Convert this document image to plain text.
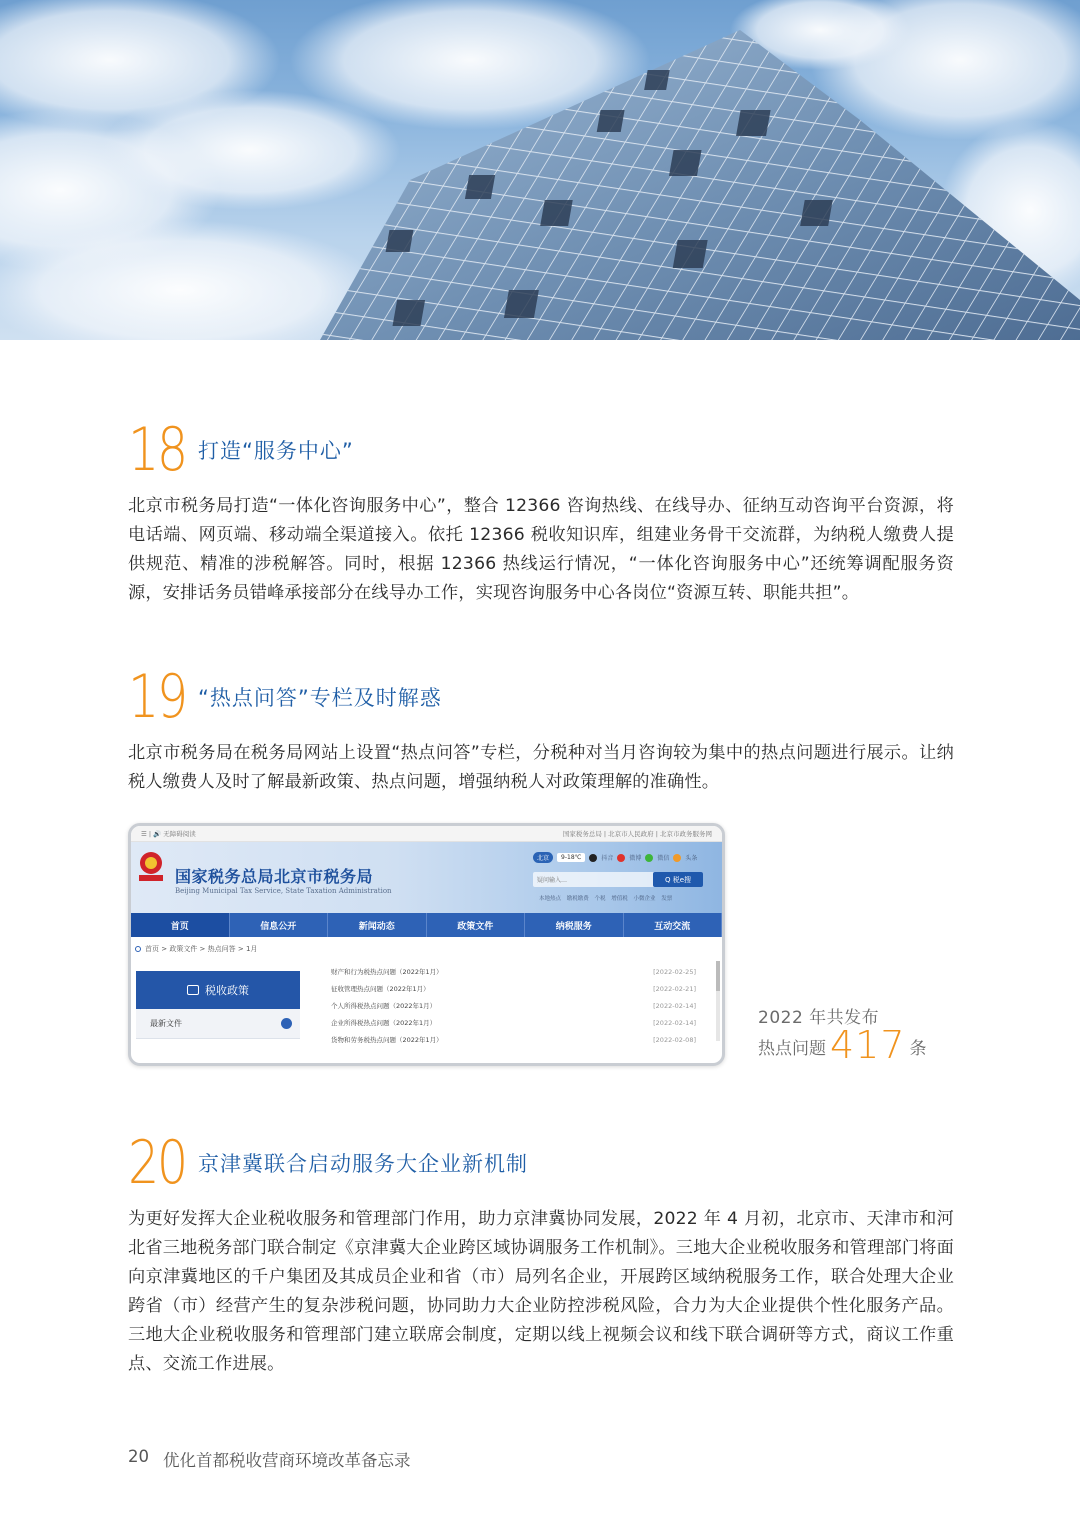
18 打造“服务中心”

北京市税务局打造“一体化咨询服务中心”，整合 12366 咨询热线、在线导办、征纳互动咨询平台资源，将电话端、网页端、移动端全渠道接入。依托 12366 税收知识库，组建业务骨干交流群，为纳税人缴费人提供规范、精准的涉税解答。同时，根据 12366 热线运行情况，“一体化咨询服务中心”还统筹调配服务资源，安排话务员错峰承接部分在线导办工作，实现咨询服务中心各岗位“资源互转、职能共担”。

19 “热点问答”专栏及时解惑

北京市税务局在税务局网站上设置“热点问答”专栏，分税种对当月咨询较为集中的热点问题进行展示。让纳税人缴费人及时了解最新政策、热点问题，增强纳税人对政策理解的准确性。

☰ | 🔊 无障碍阅读	国家税务总局 | 北京市人民政府 | 北京市政务服务网
国家税务总局北京市税务局
Beijing Municipal Tax Service, State Taxation Administration
北京	9-18℃	抖音	微博	微信	头条
疑问输入…	Q 税e搜
本地热点 缴税缴费 个税 增值税 小微企业 发票
首页	信息公开	新闻动态	政策文件	纳税服务	互动交流
首页 > 政策文件 > 热点问答 > 1月
税收政策
最新文件
财产和行为税热点问题（2022年1月）	[2022-02-25]
征收管理热点问题（2022年1月）	[2022-02-21]
个人所得税热点问题（2022年1月）	[2022-02-14]
企业所得税热点问题（2022年1月）	[2022-02-14]
货物和劳务税热点问题（2022年1月）	[2022-02-08]
2022 年共发布
热点问题 417 条
20 京津冀联合启动服务大企业新机制

为更好发挥大企业税收服务和管理部门作用，助力京津冀协同发展，2022 年 4 月初，北京市、天津市和河北省三地税务部门联合制定《京津冀大企业跨区域协调服务工作机制》。三地大企业税收服务和管理部门将面向京津冀地区的千户集团及其成员企业和省（市）局列名企业，开展跨区域纳税服务工作，联合处理大企业跨省（市）经营产生的复杂涉税问题，协同助力大企业防控涉税风险，合力为大企业提供个性化服务产品。三地大企业税收服务和管理部门建立联席会制度，定期以线上视频会议和线下联合调研等方式，商议工作重点、交流工作进展。

20 优化首都税收营商环境改革备忘录
